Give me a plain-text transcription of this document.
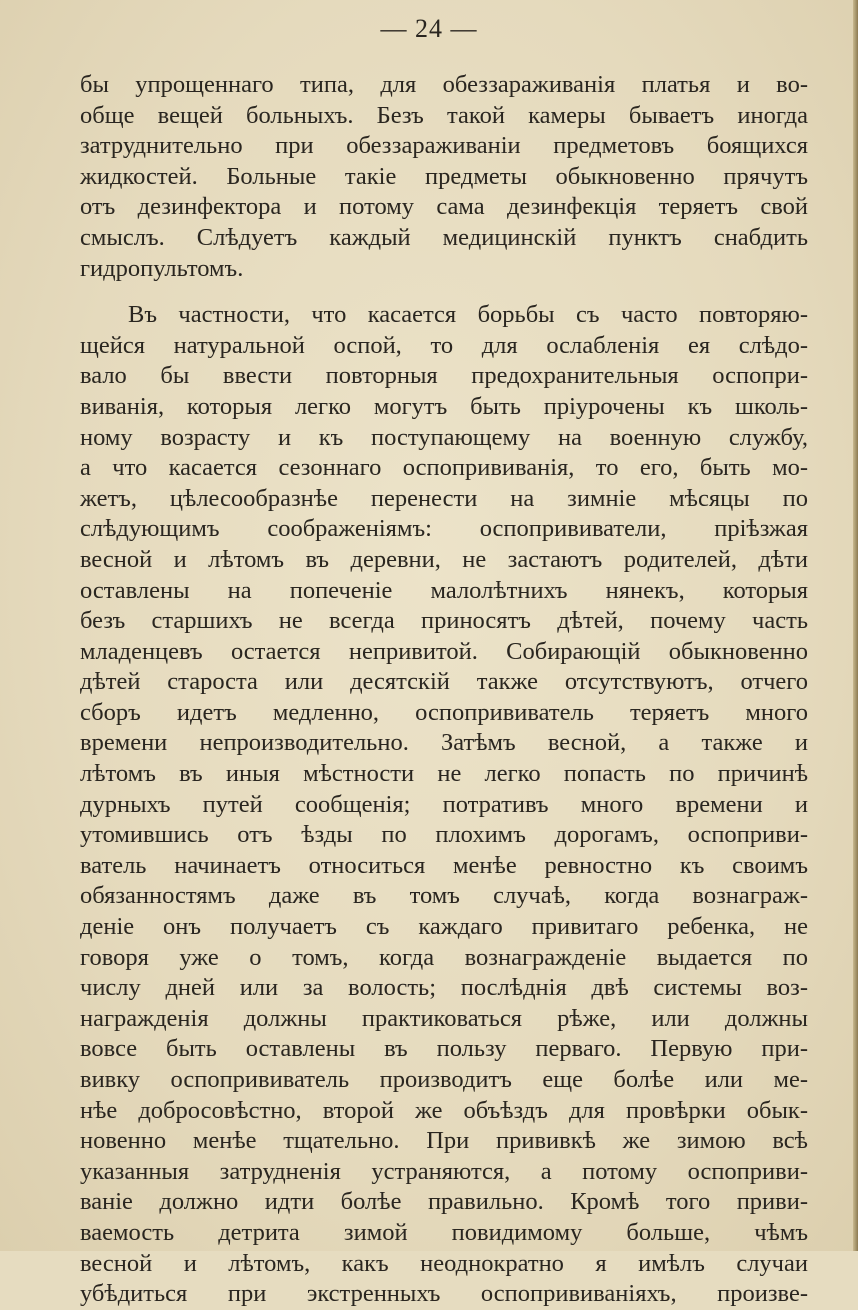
— 24 —
бы упрощеннаго типа, для обеззараживанія платья и во-
обще вещей больныхъ. Безъ такой камеры бываетъ иногда
затруднительно при обеззараживаніи предметовъ боящихся
жидкостей. Больные такіе предметы обыкновенно прячутъ
отъ дезинфектора и потому сама дезинфекція теряетъ свой
смыслъ. Слѣдуетъ каждый медицинскій пунктъ снабдить
гидропультомъ.
Въ частности, что касается борьбы съ часто повторяю-
щейся натуральной оспой, то для ослабленія ея слѣдо-
вало бы ввести повторныя предохранительныя оспопри-
виванія, которыя легко могутъ быть пріурочены къ школь-
ному возрасту и къ поступающему на военную службу,
а что касается сезоннаго оспопрививанія, то его, быть мо-
жетъ, цѣлесообразнѣе перенести на зимніе мѣсяцы по
слѣдующимъ соображеніямъ: оспопрививатели, пріѣзжая
весной и лѣтомъ въ деревни, не застаютъ родителей, дѣти
оставлены на попеченіе малолѣтнихъ нянекъ, которыя
безъ старшихъ не всегда приносятъ дѣтей, почему часть
младенцевъ остается непривитой. Собирающій обыкновенно
дѣтей староста или десятскій также отсутствуютъ, отчего
сборъ идетъ медленно, оспопрививатель теряетъ много
времени непроизводительно. Затѣмъ весной, а также и
лѣтомъ въ иныя мѣстности не легко попасть по причинѣ
дурныхъ путей сообщенія; потративъ много времени и
утомившись отъ ѣзды по плохимъ дорогамъ, оспоприви-
ватель начинаетъ относиться менѣе ревностно къ своимъ
обязанностямъ даже въ томъ случаѣ, когда вознаграж-
деніе онъ получаетъ съ каждаго привитаго ребенка, не
говоря уже о томъ, когда вознагражденіе выдается по
числу дней или за волость; послѣднія двѣ системы воз-
награжденія должны практиковаться рѣже, или должны
вовсе быть оставлены въ пользу перваго. Первую при-
вивку оспопрививатель производитъ еще болѣе или ме-
нѣе добросовѣстно, второй же объѣздъ для провѣрки обык-
новенно менѣе тщательно. При прививкѣ же зимою всѣ
указанныя затрудненія устраняются, а потому оспоприви-
ваніе должно идти болѣе правильно. Кромѣ того приви-
ваемость детрита зимой повидимому больше, чѣмъ
весной и лѣтомъ, какъ неоднократно я имѣлъ случаи
убѣдиться при экстренныхъ оспопрививаніяхъ, произве-
